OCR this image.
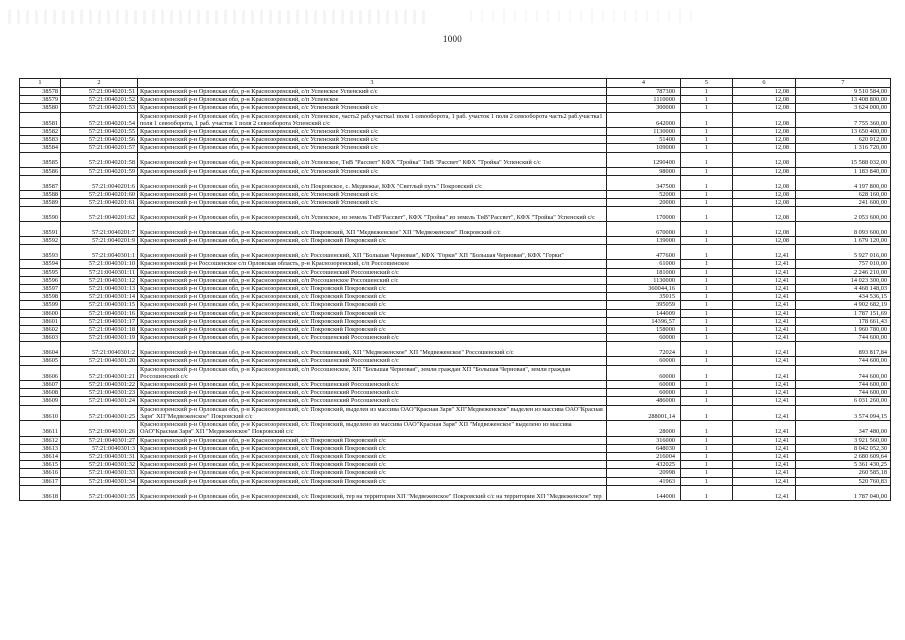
1000
1	2	3	4	5	6	7
38578	57:21:0040201:51	Краснозоренский р-н Орловская обл, р-н Краснозоренский, с/п Успенское Успенский с/с	787300	1	12,08	9 510 584,00
38579	57:21:0040201:52	Краснозоренский р-н Орловская обл, р-н Краснозоренский, с/п Успенское	1110000	1	12,08	13 408 800,00
38580	57:21:0040201:53	Краснозоренский р-н Орловская обл, р-н Краснозоренский, с/с Успенский Успенский с/с	300000	1	12,08	3 624 000,00
38581	57:21:0040201:54	Краснозоренский р-н Орловская обл, р-н Краснозоренский, с/п Успенское, часть2 раб.участка1 поля 1 севооборота, 1 раб. участок 1 поля 2 севооборота часть2 раб.участка1 поля 1 севооборота, 1 раб. участок 1 поля 2 севооборота Успенский с/с	642000	1	12,08	7 755 360,00
38582	57:21:0040201:55	Краснозоренский р-н Орловская обл, р-н Краснозоренский, с/с Успенский Успенский с/с	1130000	1	12,08	13 650 400,00
38583	57:21:0040201:56	Краснозоренский р-н Орловская обл, р-н Краснозоренский, с/с Успенский Успенский с/с	51400	1	12,08	620 912,00
38584	57:21:0040201:57	Краснозоренский р-н Орловская обл, р-н Краснозоренский, с/с Успенский Успенский с/с	109000	1	12,08	1 316 720,00
38585	57:21:0040201:58	Краснозоренский р-н Орловская обл, р-н Краснозоренский, с/п Успенское, ТнВ "Рассвет" КФХ "Тройка" ТнВ "Рассвет" КФХ "Тройка" Успенский с/с	1290400	1	12,08	15 588 032,00
38586	57:21:0040201:59	Краснозоренский р-н Орловская обл, р-н Краснозоренский, с/с Успенский Успенский с/с	98000	1	12,08	1 183 840,00
38587	57:21:0040201:6	Краснозоренский р-н Орловская обл, р-н Краснозоренский, с/п Покровское, с. Медвежье, КФХ "Светлый путь" Покровский с/с	347500	1	12,08	4 197 800,00
38588	57:21:0040201:60	Краснозоренский р-н Орловская обл, р-н Краснозоренский, с/с Успенский Успенский с/с	52000	1	12,08	628 160,00
38589	57:21:0040201:61	Краснозоренский р-н Орловская обл, р-н Краснозоренский, с/с Успенский Успенский с/с	20000	1	12,08	241 600,00
38590	57:21:0040201:62	Краснозоренский р-н Орловская обл, р-н Краснозоренский, с/п Успенское, из земель ТнВ"Рассвет", КФХ "Тройка" из земель ТнВ"Рассвет", КФХ "Тройка" Успенский с/с	170000	1	12,08	2 053 600,00
38591	57:21:0040201:7	Краснозоренский р-н Орловская обл, р-н Краснозоренский, с/с Покровский, ХП "Медвеженское" ХП "Медвеженское" Покровский с/с	670000	1	12,08	8 093 600,00
38592	57:21:0040201:9	Краснозоренский р-н Орловская обл, р-н Краснозоренский, с/с Покровский Покровский с/с	139000	1	12,08	1 679 120,00
38593	57:21:0040301:1	Краснозоренский р-н Орловская обл, р-н Краснозоренский, с/с Россошенский, ХП "Большая Черновая", КФХ "Горки" ХП "Большая Черновая", КФХ "Горки"	477600	1	12,41	5 927 016,00
38594	57:21:0040301:10	Краснозоренский р-н Россошенское с/п Орловская область, р-н Краснозоренский, с/п Россошенское	61000	1	12,41	757 010,00
38595	57:21:0040301:11	Краснозоренский р-н Орловская обл, р-н Краснозоренский, с/с Россошенский Россошенский с/с	181000	1	12,41	2 246 210,00
38596	57:21:0040301:12	Краснозоренский р-н Орловская обл, р-н Краснозоренский, с/п Россошенское Россошенский с/с	1130000	1	12,41	14 023 300,00
38597	57:21:0040301:13	Краснозоренский р-н Орловская обл, р-н Краснозоренский, с/с Покровский Покровский с/с	360044,16	1	12,41	4 468 148,03
38598	57:21:0040301:14	Краснозоренский р-н Орловская обл, р-н Краснозоренский, с/с Покровский Покровский с/с	35015	1	12,41	434 536,15
38599	57:21:0040301:15	Краснозоренский р-н Орловская обл, р-н Краснозоренский, с/с Покровский Покровский с/с	395059	1	12,41	4 902 682,19
38600	57:21:0040301:16	Краснозоренский р-н Орловская обл, р-н Краснозоренский, с/с Покровский Покровский с/с	144009	1	12,41	1 787 151,69
38601	57:21:0040301:17	Краснозоренский р-н Орловская обл, р-н Краснозоренский, с/с Покровский Покровский с/с	14396,57	1	12,41	178 661,43
38602	57:21:0040301:18	Краснозоренский р-н Орловская обл, р-н Краснозоренский, с/с Покровский Покровский с/с	158000	1	12,41	1 960 780,00
38603	57:21:0040301:19	Краснозоренский р-н Орловская обл, р-н Краснозоренский, с/с Россошенский Россошенский с/с	60000	1	12,41	744 600,00
38604	57:21:0040301:2	Краснозоренский р-н Орловская обл, р-н Краснозоренский, с/с Россошенский, ХП "Медвеженское" ХП "Медвеженское" Россошенский с/с	72024	1	12,41	893 817,84
38605	57:21:0040301:20	Краснозоренский р-н Орловская обл, р-н Краснозоренский, с/с Россошенский Россошенский с/с	60000	1	12,41	744 600,00
38606	57:21:0040301:21	Краснозоренский р-н Орловская обл, р-н Краснозоренский, с/п Россошенское, ХП "Большая Черновая", земли граждан ХП "Большая Черновая", земли граждан Россошенский с/с	60000	1	12,41	744 600,00
38607	57:21:0040301:22	Краснозоренский р-н Орловская обл, р-н Краснозоренский, с/с Россошенский Россошенский с/с	60000	1	12,41	744 600,00
38608	57:21:0040301:23	Краснозоренский р-н Орловская обл, р-н Краснозоренский, с/с Россошенский Россошенский с/с	60000	1	12,41	744 600,00
38609	57:21:0040301:24	Краснозоренский р-н Орловская обл, р-н Краснозоренский, с/с Россошенский Россошенский с/с	486000	1	12,41	6 031 260,00
38610	57:21:0040301:25	Краснозоренский р-н Орловская обл, р-н Краснозоренский, с/с Покровский, выделен из массива ОАО"Красная Заря" ХП"Медвеженское" выделен из массива ОАО"Красная Заря" ХП"Медвеженское" Покровский с/с	288001,14	1	12,41	3 574 094,15
38611	57:21:0040301:26	Краснозоренский р-н Орловская обл, р-н Краснозоренский, с/с Покровский, выделено из массива ОАО"Красная Заря" ХП "Медвеженское" выделено из массива ОАО"Красная Заря" ХП "Медвеженское" Покровский с/с	28000	1	12,41	347 480,00
38612	57:21:0040301:27	Краснозоренский р-н Орловская обл, р-н Краснозоренский, с/с Покровский Покровский с/с	316000	1	12,41	3 921 560,00
38613	57:21:0040301:3	Краснозоренский р-н Орловская обл, р-н Краснозоренский, с/с Покровский Покровский с/с	648030	1	12,41	8 042 052,30
38614	57:21:0040301:31	Краснозоренский р-н Орловская обл, р-н Краснозоренский, с/с Покровский Покровский с/с	216004	1	12,41	2 680 609,64
38615	57:21:0040301:32	Краснозоренский р-н Орловская обл, р-н Краснозоренский, с/с Покровский Покровский с/с	432025	1	12,41	5 361 430,25
38616	57:21:0040301:33	Краснозоренский р-н Орловская обл, р-н Краснозоренский, с/с Покровский Покровский с/с	20998	1	12,41	260 585,18
38617	57:21:0040301:34	Краснозоренский р-н Орловская обл, р-н Краснозоренский, с/с Покровский Покровский с/с	41963	1	12,41	520 760,83
38618	57:21:0040301:35	Краснозоренский р-н Орловская обл, р-н Краснозоренский, с/с Покровский, тер на территории ХП "Медвеженское" Покровский с/с на территории ХП "Медвеженское" тер	144000	1	12,41	1 787 040,00
